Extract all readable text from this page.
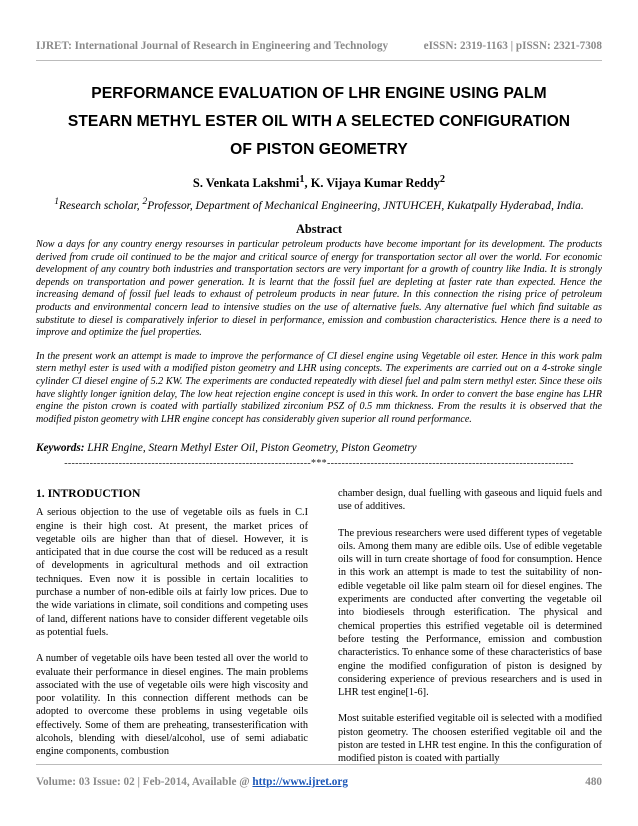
IJRET: International Journal of Research in Engineering and Technology	eISSN: 2319-1163 | pISSN: 2321-7308
PERFORMANCE EVALUATION OF LHR ENGINE USING PALM
STEARN METHYL ESTER OIL WITH A SELECTED CONFIGURATION
OF PISTON GEOMETRY
S. Venkata Lakshmi$^1$, K. Vijaya Kumar Reddy$^2$
$^1$Research scholar, $^2$Professor, Department of Mechanical Engineering, JNTUHCEH, Kukatpally Hyderabad, India.
Abstract

Now a days for any country energy resourses in particular petroleum products have become important for its development. The products derived from crude oil continued to be the major and critical source of energy for transportation sector all over the world. For economic development of any country both industries and transportation sectors are very important for a growth of country like India. It is strongly depends on transportation and power generation. It is learnt that the fossil fuel are depleting at faster rate than expected. Hence the increasing demand of fossil fuel leads to exhaust of petroleum products in near future. In this connection the rising price of petroleum products and environmental concern lead to intensive studies on the use of alternative fuels. Any alternative fuel which find suitable as substitute to diesel is comparatively inferior to diesel in performance, emission and combustion characteristics. Hence there is a need to improve and optimize the fuel properties.

In the present work an attempt is made to improve the performance of CI diesel engine using Vegetable oil ester. Hence in this work palm stern methyl ester is used with a modified piston geometry and LHR using concepts. The experiments are carried out on a 4-stroke single cylinder CI diesel engine of 5.2 KW. The experiments are conducted repeatedly with diesel fuel and palm stern methyl ester. Since these oils have slightly longer ignition delay, The low heat rejection engine concept is used in this work. In order to convert the base engine has LHR engine the piston crown is coated with partially stabilized zirconium PSZ of 0.5 mm thickness. From the results it is observed that the modified piston geometry with LHR engine concept has considerably given superior all round performance.

Keywords: LHR Engine, Stearn Methyl Ester Oil, Piston Geometry, Piston Geometry
--------------------------------------------------------------------***--------------------------------------------------------------------
1. INTRODUCTION

A serious objection to the use of vegetable oils as fuels in C.I engine is their high cost. At present, the market prices of vegetable oils are higher than that of diesel. However, it is anticipated that in due course the cost will be reduced as a result of developments in agricultural methods and oil extraction techniques. Even now it is possible in certain localities to purchase a number of non-edible oils at fairly low prices. Due to the wide variations in climate, soil conditions and competing uses of land, different nations have to consider different vegetable oils as potential fuels.

A number of vegetable oils have been tested all over the world to evaluate their performance in diesel engines. The main problems associated with the use of vegetable oils were high viscosity and poor volatility. In this connection different methods can be adopted to overcome these problems in using vegetable oils effectively. Some of them are preheating, transesterification with alcohols, blending with diesel/alcohol, use of semi adiabatic engine components, combustion

chamber design, dual fuelling with gaseous and liquid fuels and use of additives.

The previous researchers were used different types of vegetable oils. Among them many are edible oils. Use of edible vegetable oils will in turn create shortage of food for consumption. Hence in this work an attempt is made to test the suitability of non-edible vegetable oil like palm stearn oil for diesel engines. The experiments are conducted after converting the vegetable oil into biodiesels through esterification. The physical and chemical properties this estrified vegetable oil is determined before testing the Performance, emission and combustion characteristics. To enhance some of these characteristics of base engine the modified configuration of piston is designed by considering experience of previous researchers and is used in LHR test engine[1-6].

Most suitable esterified vegitable oil is selected with a modified piston geometry. The choosen esterified vegitable oil and the piston are tested in LHR test engine. In this the configuration of modified piston is coated with partially

Volume: 03 Issue: 02 | Feb-2014, Available @ http://www.ijret.org	480
